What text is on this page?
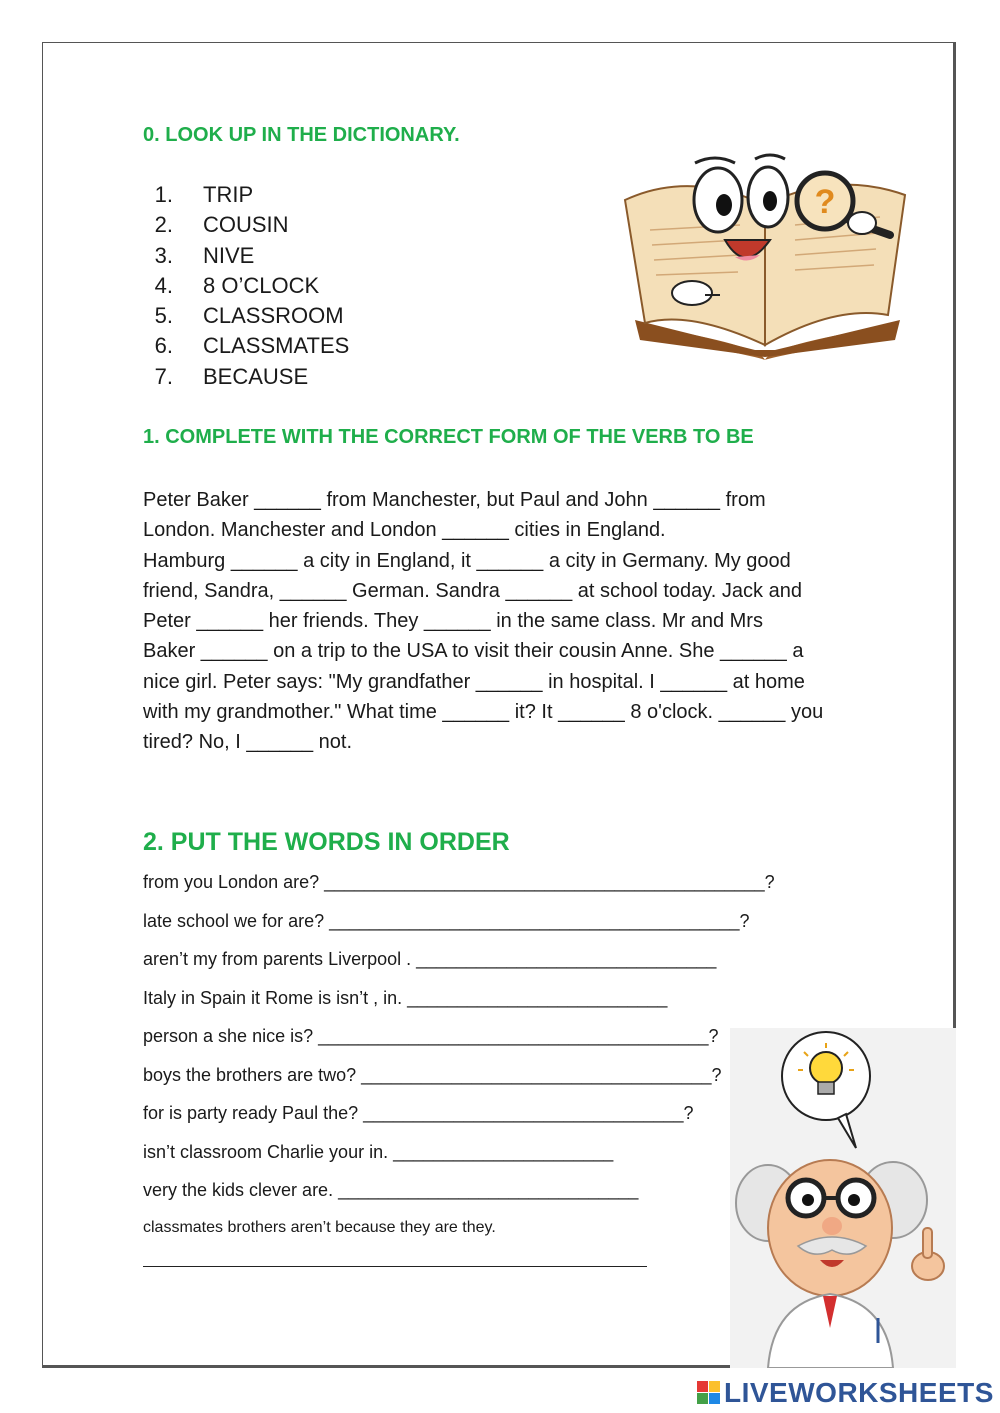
0. LOOK UP IN THE DICTIONARY.
1. TRIP
2. COUSIN
3. NIVE
4. 8 O’CLOCK
5. CLASSROOM
6. CLASSMATES
7. BECAUSE
?
1. COMPLETE WITH THE CORRECT FORM OF THE VERB TO BE
Peter Baker ______ from Manchester, but Paul and John ______ from
London. Manchester and London ______ cities in England.
Hamburg ______ a city in England, it ______ a city in Germany. My good
friend, Sandra, ______ German. Sandra ______ at school today. Jack and
Peter ______ her friends. They ______ in the same class. Mr and Mrs
Baker ______ on a trip to the USA to visit their cousin Anne. She ______ a
nice girl. Peter says: "My grandfather ______ in hospital. I ______ at home
with my grandmother." What time ______ it? It ______ 8 o'clock. ______ you
tired? No, I ______ not.
2. PUT THE WORDS IN ORDER
from you London are? ____________________________________________?
late school we for are? _________________________________________?
aren’t my from parents Liverpool . ______________________________
Italy in Spain it Rome is isn’t , in. __________________________
person a she nice is? _______________________________________?
boys the brothers are two? ___________________________________?
for is party ready Paul the? ________________________________?
isn’t classroom Charlie your in. ______________________
very the kids clever are. ______________________________
classmates brothers aren’t because they are they.
LIVEWORKSHEETS
